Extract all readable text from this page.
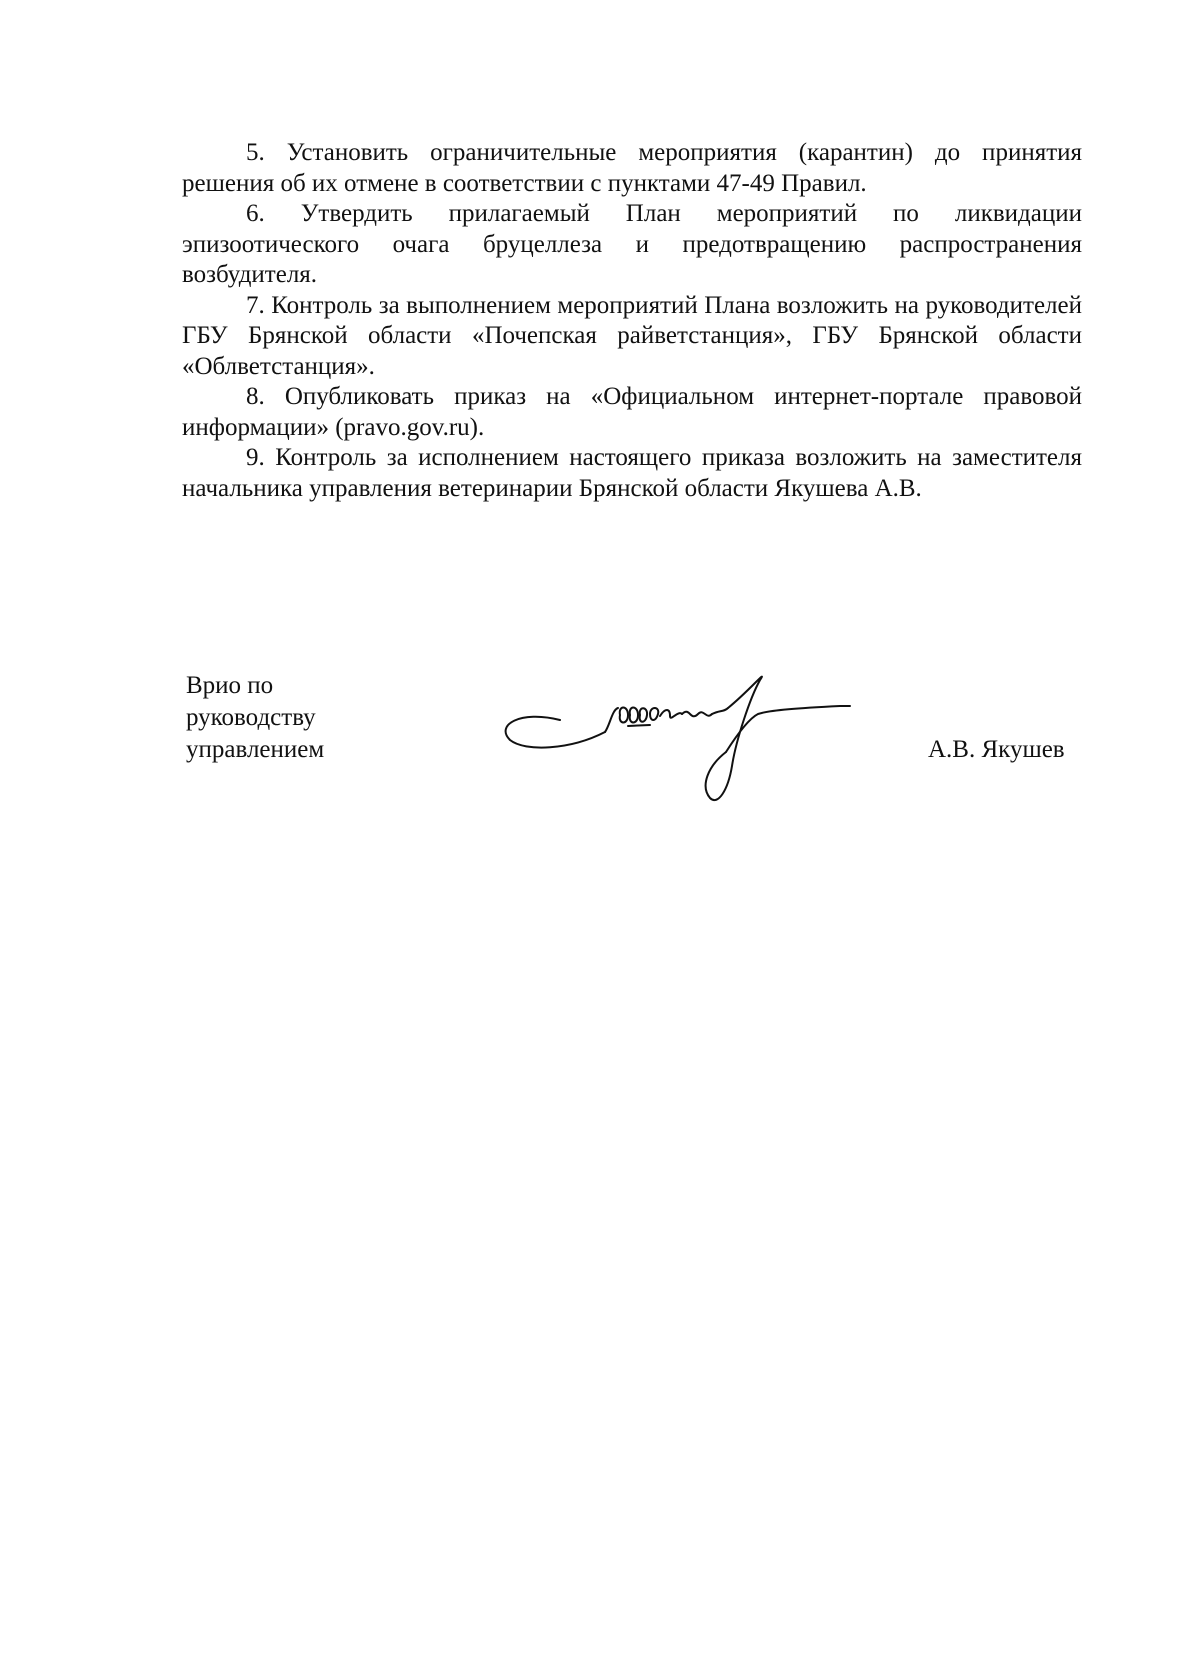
5. Установить ограничительные мероприятия (карантин) до принятия решения об их отмене в соответствии с пунктами 47-49 Правил.

6. Утвердить прилагаемый План мероприятий по ликвидации эпизоотического очага бруцеллеза и предотвращению распространения возбудителя.

7. Контроль за выполнением мероприятий Плана возложить на руководителей ГБУ Брянской области «Почепская райветстанция», ГБУ Брянской области «Облветстанция».

8. Опубликовать приказ на «Официальном интернет-портале правовой информации» (pravo.gov.ru).

9. Контроль за исполнением настоящего приказа возложить на заместителя начальника управления ветеринарии Брянской области Якушева А.В.

Врио по
руководству
управлением	А.В. Якушев
